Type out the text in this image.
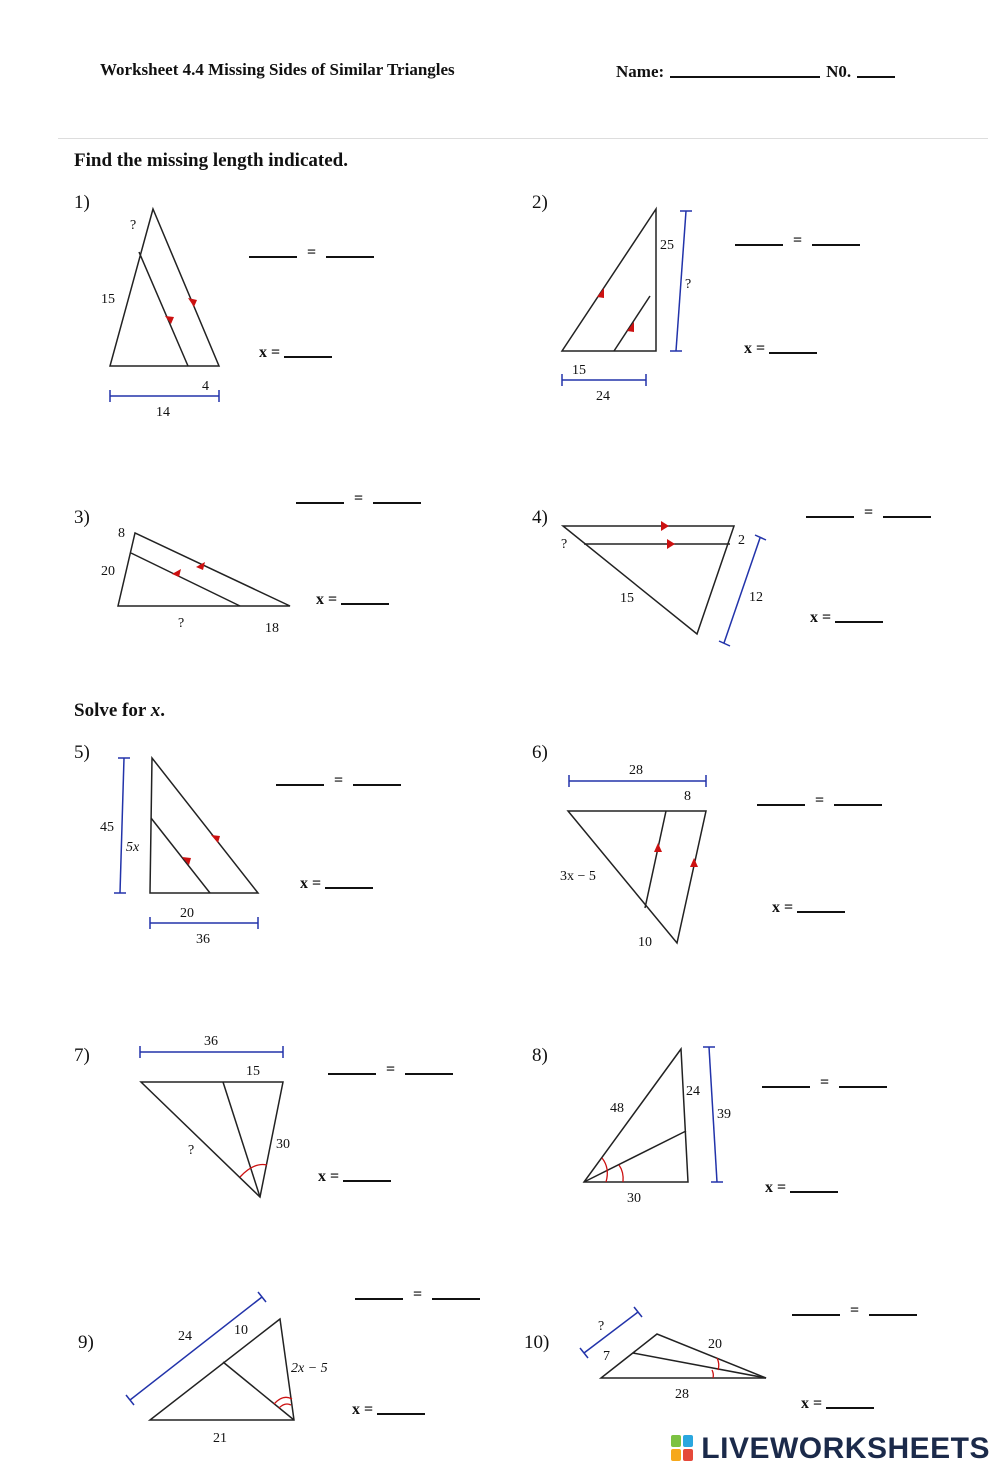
Worksheet 4.4 Missing Sides of Similar Triangles	Name:	N0.
Find the missing length indicated.
Solve for x.
1)	2)
3)	4)
5)	6)
7)	8)
9)	10)
=
=
=
=
=
=
=
=
=
=
x =	x =
x =
x =
x =
x =
x =
x =
x =	x =
?
15
4
14
25
?
15
24
8
20
?	18
?	2
15	12
45
5x
20
36
28
8
3x − 5
10
36
15
?	30
48
24
39
30
24	10
2x − 5
21
?
7
20
28
LIVEWORKSHEETS
